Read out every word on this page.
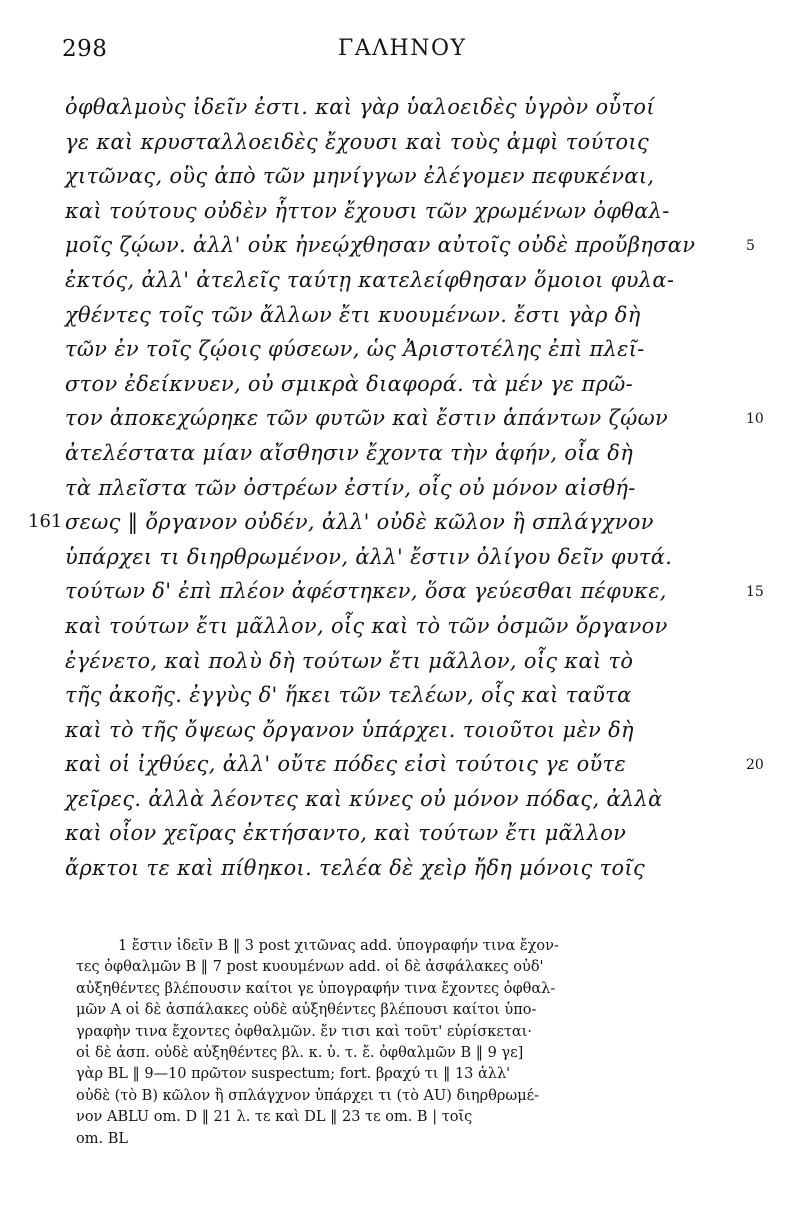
298	ΓΑΛΗΝΟΥ
ὀφθαλμοὺς ἰδεῖν ἐστι. καὶ γὰρ ὑαλοειδὲς ὑγρὸν οὗτοί
γε καὶ κρυσταλλοειδὲς ἔχουσι καὶ τοὺς ἀμφὶ τούτοις
χιτῶνας, οὓς ἀπὸ τῶν μηνίγγων ἐλέγομεν πεφυκέναι,
καὶ τούτους οὐδὲν ἧττον ἔχουσι τῶν χρωμένων ὀφθαλ-
μοῖς ζῴων. ἀλλ' οὐκ ἠνεῴχθησαν αὐτοῖς οὐδὲ προὔβησαν	5
ἐκτός, ἀλλ' ἀτελεῖς ταύτῃ κατελείφθησαν ὅμοιοι φυλα-
χθέντες τοῖς τῶν ἄλλων ἔτι κυουμένων. ἔστι γὰρ δὴ
τῶν ἐν τοῖς ζῴοις φύσεων, ὡς Ἀριστοτέλης ἐπὶ πλεῖ-
στον ἐδείκνυεν, οὐ σμικρὰ διαφορά. τὰ μέν γε πρῶ-
τον ἀποκεχώρηκε τῶν φυτῶν καὶ ἔστιν ἁπάντων ζῴων	10
ἀτελέστατα μίαν αἴσθησιν ἔχοντα τὴν ἁφήν, οἷα δὴ
τὰ πλεῖστα τῶν ὀστρέων ἐστίν, οἷς οὐ μόνον αἰσθή-
161 σεως ‖ ὄργανον οὐδέν, ἀλλ' οὐδὲ κῶλον ἢ σπλάγχνον
ὑπάρχει τι διηρθρωμένον, ἀλλ' ἔστιν ὀλίγου δεῖν φυτά.
τούτων δ' ἐπὶ πλέον ἀφέστηκεν, ὅσα γεύεσθαι πέφυκε,	15
καὶ τούτων ἔτι μᾶλλον, οἷς καὶ τὸ τῶν ὀσμῶν ὄργανον
ἐγένετο, καὶ πολὺ δὴ τούτων ἔτι μᾶλλον, οἷς καὶ τὸ
τῆς ἀκοῆς. ἐγγὺς δ' ἥκει τῶν τελέων, οἷς καὶ ταῦτα
καὶ τὸ τῆς ὄψεως ὄργανον ὑπάρχει. τοιοῦτοι μὲν δὴ
καὶ οἱ ἰχθύες, ἀλλ' οὔτε πόδες εἰσὶ τούτοις γε οὔτε	20
χεῖρες. ἀλλὰ λέοντες καὶ κύνες οὐ μόνον πόδας, ἀλλὰ
καὶ οἷον χεῖρας ἐκτήσαντο, καὶ τούτων ἔτι μᾶλλον
ἄρκτοι τε καὶ πίθηκοι. τελέα δὲ χεὶρ ἤδη μόνοις τοῖς
1 ἔστιν ἰδεῖν B ‖ 3 post χιτῶνας add. ὑπογραφήν τινα ἔχον-
τες ὀφθαλμῶν B ‖ 7 post κυουμένων add. οἱ δὲ ἀσφάλακες οὐδ'
αὐξηθέντες βλέπουσιν καίτοι γε ὑπογραφήν τινα ἔχοντες ὀφθαλ-
μῶν A οἱ δὲ ἀσπάλακες οὐδὲ αὐξηθέντες βλέπουσι καίτοι ὑπο-
γραφὴν τινα ἔχοντες ὀφθαλμῶν. ἔν τισι καὶ τοῦτ' εὑρίσκεται·
οἱ δὲ ἀσπ. οὐδὲ αὐξηθέντες βλ. κ. ὑ. τ. ἔ. ὀφθαλμῶν B ‖ 9 γε]
γὰρ BL ‖ 9—10 πρῶτον suspectum; fort. βραχύ τι ‖ 13 ἀλλ'
οὐδὲ (τὸ B) κῶλον ἢ σπλάγχνον ὑπάρχει τι (τὸ AU) διηρθρωμέ-
νον ABLU om. D ‖ 21 λ. τε καὶ DL ‖ 23 τε om. B | τοῖς
om. BL
